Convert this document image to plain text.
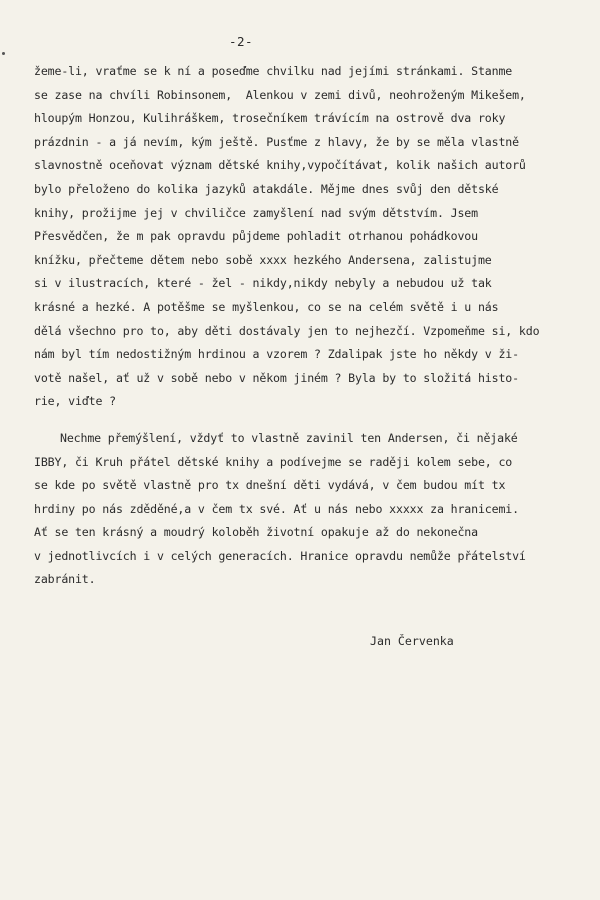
-2-
žeme-li, vraťme se k ní a poseďme chvilku nad jejími stránkami. Stanme
se zase na chvíli Robinsonem,  Alenkou v zemi divů, neohroženým Mikešem,
hloupým Honzou, Kulihráškem, trosečníkem trávícím na ostrově dva roky
prázdnin - a já nevím, kým ještě. Pusťme z hlavy, že by se měla vlastně
slavnostně oceňovat význam dětské knihy,vypočítávat, kolik našich autorů
bylo přeloženo do kolika jazyků atakdále. Mějme dnes svůj den dětské
knihy, prožijme jej v chviličce zamyšlení nad svým dětstvím. Jsem
Přesvědčen, že m pak opravdu půjdeme pohladit otrhanou pohádkovou
knížku, přečteme dětem nebo sobě xxxx hezkého Andersena, zalistujme
si v ilustracích, které - žel - nikdy,nikdy nebyly a nebudou už tak
krásné a hezké. A potěšme se myšlenkou, co se na celém světě i u nás
dělá všechno pro to, aby děti dostávaly jen to nejhezčí. Vzpomeňme si, kdo
nám byl tím nedostižným hrdinou a vzorem ? Zdalipak jste ho někdy v ži-
votě našel, ať už v sobě nebo v někom jiném ? Byla by to složitá histo-
rie, viďte ?
Nechme přemýšlení, vždyť to vlastně zavinil ten Andersen, či nějaké
IBBY, či Kruh přátel dětské knihy a podívejme se raději kolem sebe, co
se kde po světě vlastně pro tx dnešní děti vydává, v čem budou mít tx
hrdiny po nás zděděné,a v čem tx své. Ať u nás nebo xxxxx za hranicemi.
Ať se ten krásný a moudrý koloběh životní opakuje až do nekonečna
v jednotlivcích i v celých generacích. Hranice opravdu nemůže přátelství
zabránit.
Jan Červenka
